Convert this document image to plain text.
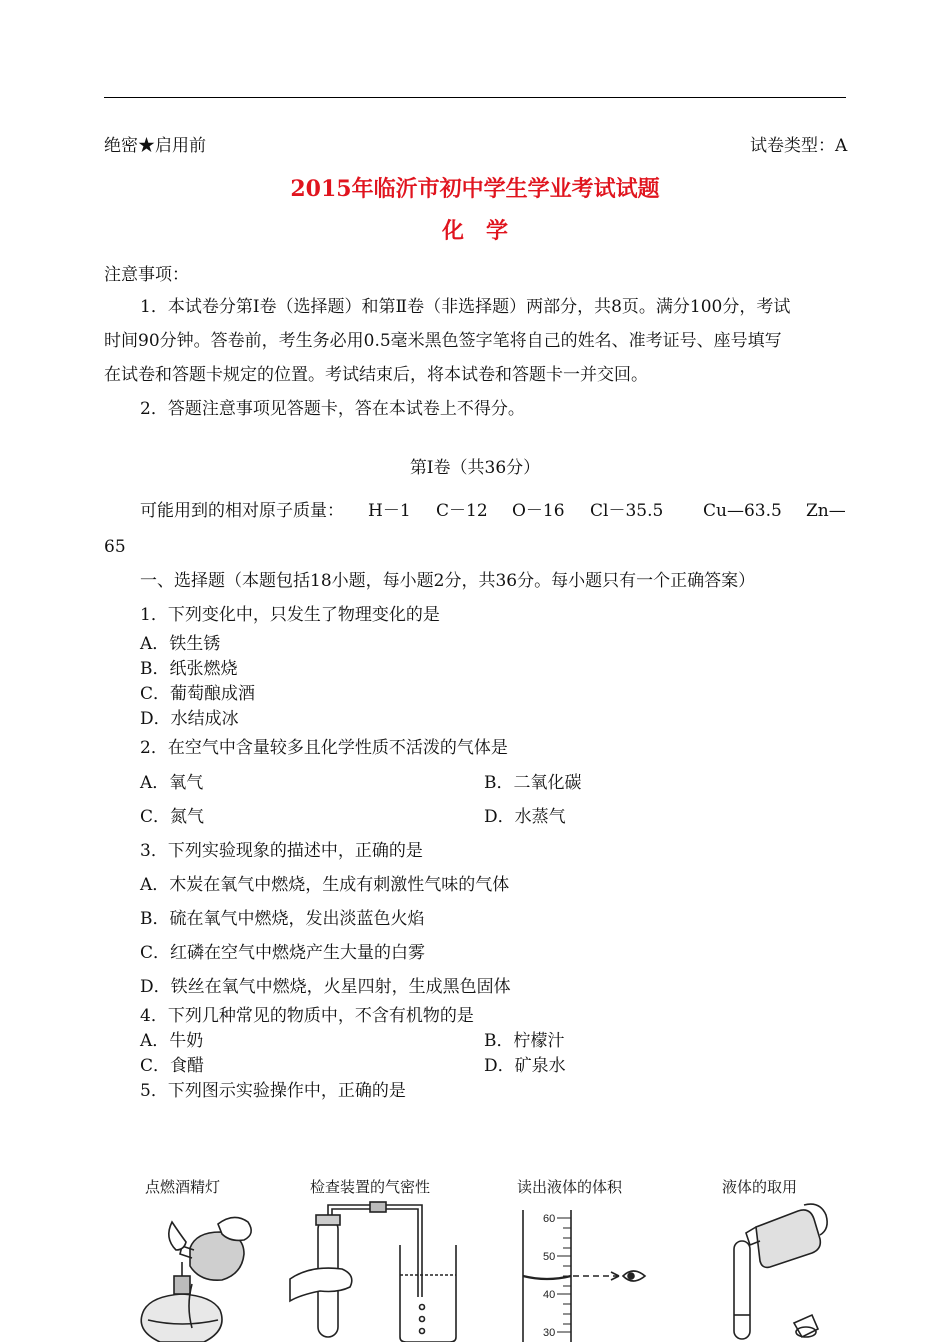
绝密★启用前	试卷类型：A
2015年临沂市初中学生学业考试试题
化　学
注意事项：
1．本试卷分第Ⅰ卷（选择题）和第Ⅱ卷（非选择题）两部分，共8页。满分100分，考试
时间90分钟。答卷前，考生务必用0.5毫米黑色签字笔将自己的姓名、准考证号、座号填写
在试卷和答题卡规定的位置。考试结束后，将本试卷和答题卡一并交回。
2．答题注意事项见答题卡，答在本试卷上不得分。
第Ⅰ卷（共36分）
可能用到的相对原子质量： H－1 C－12 O－16 Cl－35.5 Cu—63.5 Zn—
65
一、选择题（本题包括18小题，每小题2分，共36分。每小题只有一个正确答案）
1．下列变化中，只发生了物理变化的是
A．铁生锈
B．纸张燃烧
C．葡萄酿成酒
D．水结成冰
2．在空气中含量较多且化学性质不活泼的气体是
A．氧气	B．二氧化碳
C．氮气	D．水蒸气
3．下列实验现象的描述中，正确的是
A．木炭在氧气中燃烧，生成有刺激性气味的气体
B．硫在氧气中燃烧，发出淡蓝色火焰
C．红磷在空气中燃烧产生大量的白雾
D．铁丝在氧气中燃烧，火星四射，生成黑色固体
4．下列几种常见的物质中，不含有机物的是
A．牛奶	B．柠檬汁
C．食醋	D．矿泉水
5．下列图示实验操作中，正确的是
点燃酒精灯	检查装置的气密性	读出液体的体积	液体的取用
60
50
40
30
